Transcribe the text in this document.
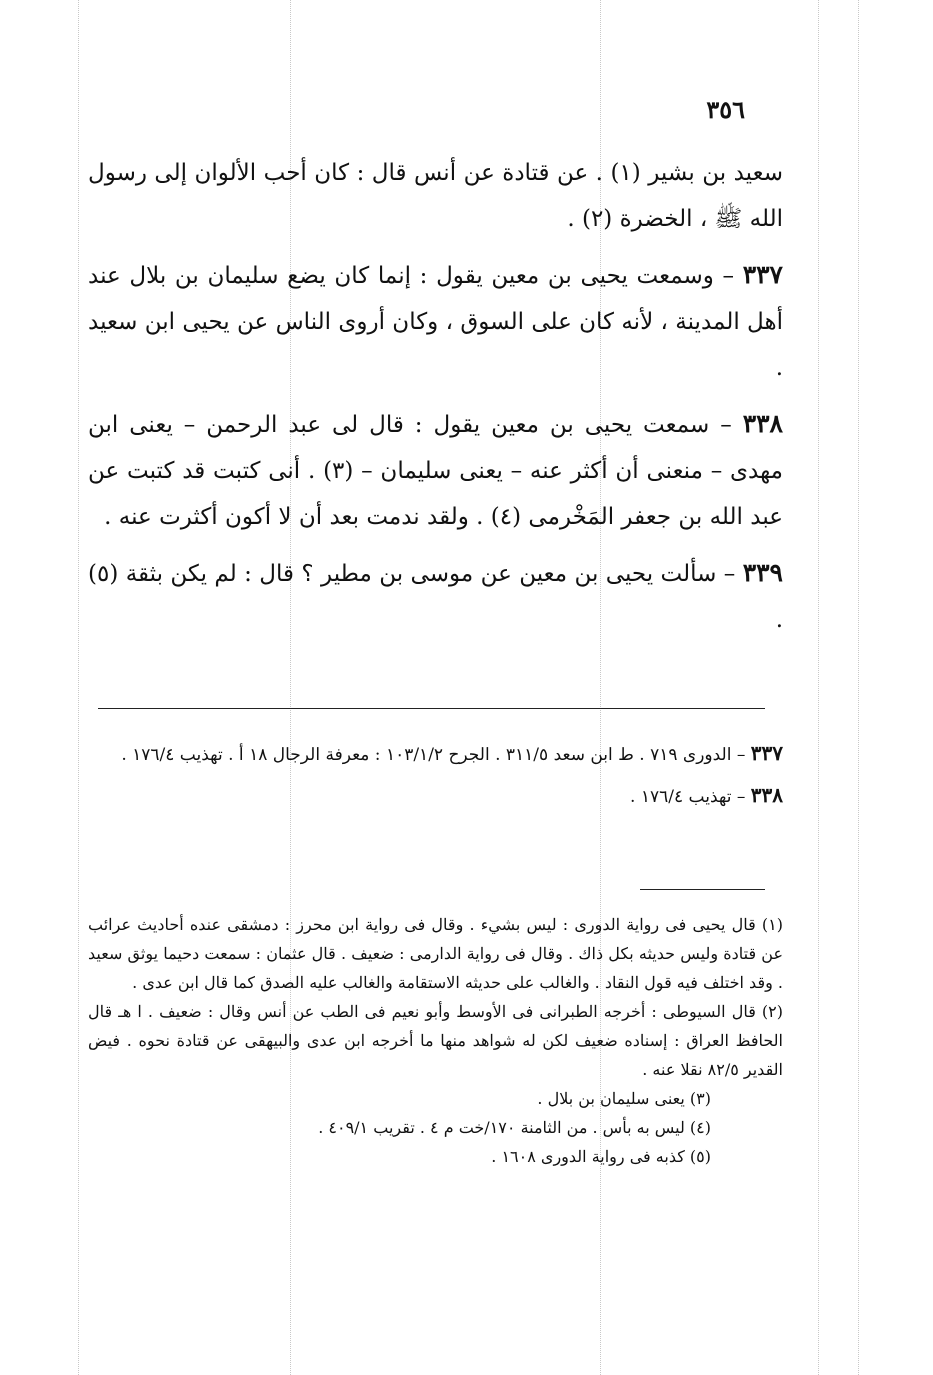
٣٥٦

سعيد بن بشير (١) . عن قتادة عن أنس قال : كان أحب الألوان إلى رسول الله ﷺ ، الخضرة (٢) .

٣٣٧ – وسمعت يحيى بن معين يقول : إنما كان يضع سليمان بن بلال عند أهل المدينة ، لأنه كان على السوق ، وكان أروى الناس عن يحيى ابن سعيد .

٣٣٨ – سمعت يحيى بن معين يقول : قال لى عبد الرحمن – يعنى ابن مهدى – منعنى أن أكثر عنه – يعنى سليمان – (٣) . أنى كتبت قد كتبت عن عبد الله بن جعفر المَخْرمى (٤) . ولقد ندمت بعد أن لا أكون أكثرت عنه .

٣٣٩ – سألت يحيى بن معين عن موسى بن مطير ؟ قال : لم يكن بثقة (٥) .

٣٣٧ – الدورى ٧١٩ . ط ابن سعد ٣١١/٥ . الجرح ١٠٣/١/٢ : معرفة الرجال ١٨ أ . تهذيب ١٧٦/٤ .

٣٣٨ – تهذيب ١٧٦/٤ .

(١) قال يحيى فى رواية الدورى : ليس بشيء . وقال فى رواية ابن محرز : دمشقى عنده أحاديث عرائب عن قتادة وليس حديثه بكل ذاك . وقال فى رواية الدارمى : ضعيف . قال عثمان : سمعت دحيما يوثق سعيد . وقد اختلف فيه قول النقاد . والغالب على حديثه الاستقامة والغالب عليه الصدق كما قال ابن عدى .

(٢) قال السيوطى : أخرجه الطبرانى فى الأوسط وأبو نعيم فى الطب عن أنس وقال : ضعيف . ا هـ قال الحافظ العراق : إسناده ضعيف لكن له شواهد منها ما أخرجه ابن عدى والبيهقى عن قتادة نحوه . فيض القدير ٨٢/٥ نقلا عنه .

(٣) يعنى سليمان بن بلال .

(٤) ليس به بأس . من الثامنة ١٧٠/خت م ٤ . تقريب ٤٠٩/١ .

(٥) كذبه فى رواية الدورى ١٦٠٨ .
